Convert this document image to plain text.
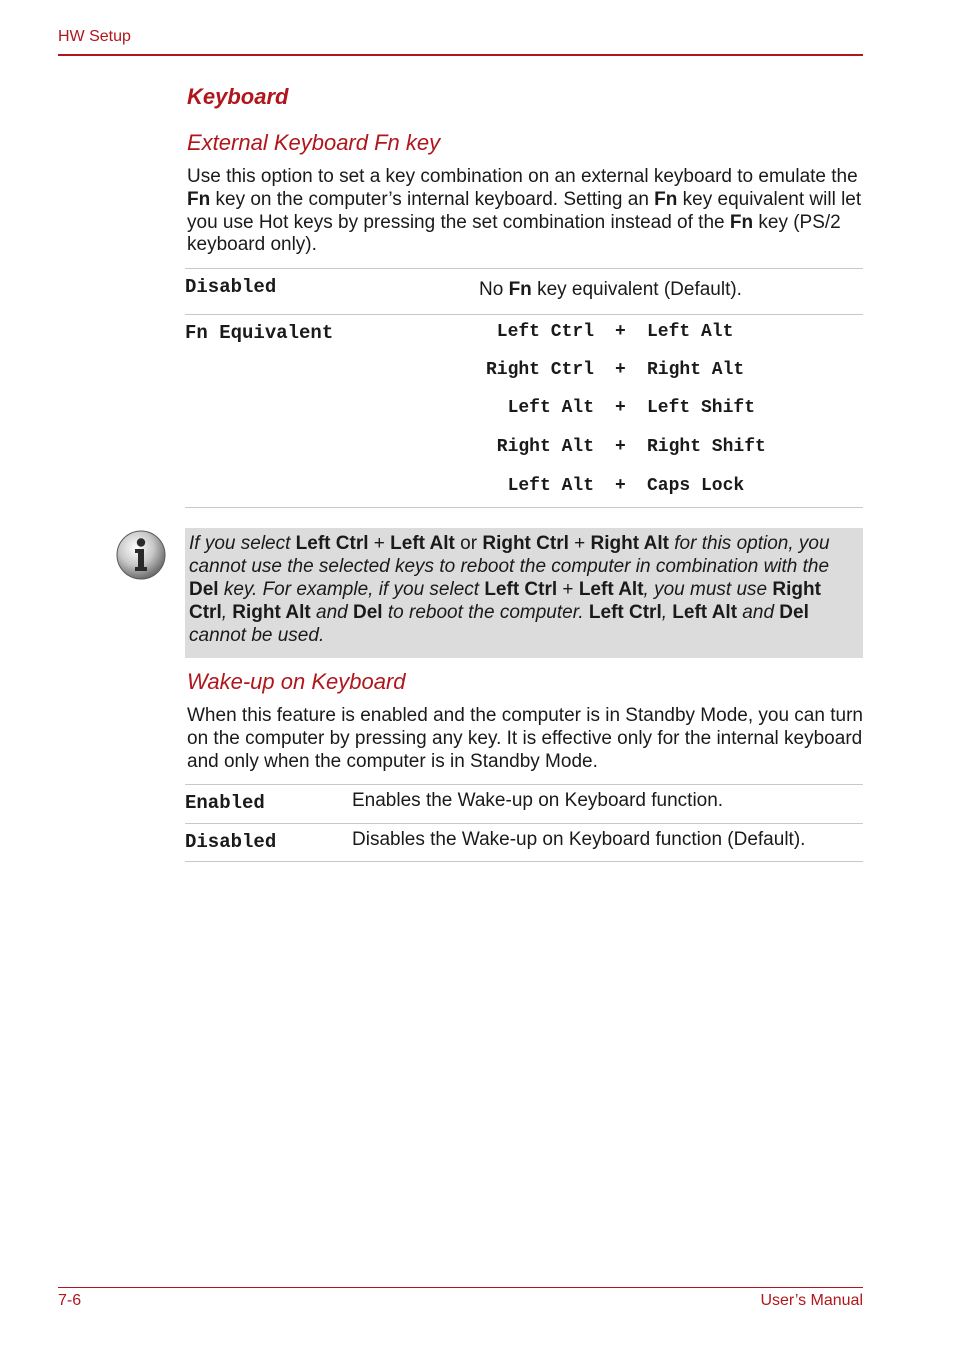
HW Setup
Keyboard
External Keyboard Fn key
Use this option to set a key combination on an external keyboard to emulate the Fn key on the computer’s internal keyboard. Setting an Fn key equivalent will let you use Hot keys by pressing the set combination instead of the Fn key (PS/2 keyboard only).
Disabled	No Fn key equivalent (Default).
Fn Equivalent	Left Ctrl + Left Alt
Right Ctrl + Right Alt
Left Alt + Left Shift
Right Alt + Right Shift
Left Alt + Caps Lock
If you select Left Ctrl + Left Alt or Right Ctrl + Right Alt for this option, you cannot use the selected keys to reboot the computer in combination with the Del key. For example, if you select Left Ctrl + Left Alt, you must use Right Ctrl, Right Alt and Del to reboot the computer. Left Ctrl, Left Alt and Del cannot be used.
Wake-up on Keyboard
When this feature is enabled and the computer is in Standby Mode, you can turn on the computer by pressing any key. It is effective only for the internal keyboard and only when the computer is in Standby Mode.
Enabled	Enables the Wake-up on Keyboard function.
Disabled	Disables the Wake-up on Keyboard function (Default).
7-6	User’s Manual
